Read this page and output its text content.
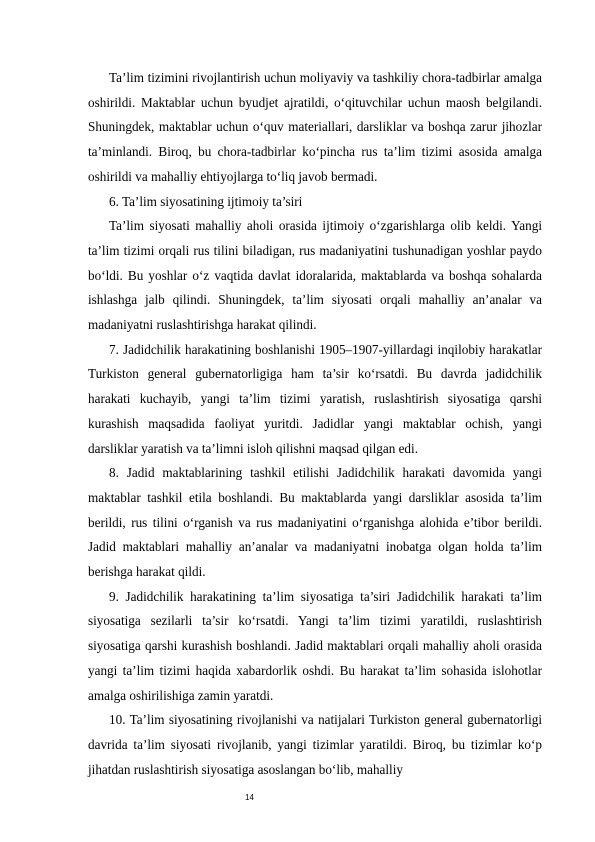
Ta’lim tizimini rivojlantirish uchun moliyaviy va tashkiliy chora-tadbirlar amalga oshirildi. Maktablar uchun byudjet ajratildi, o‘qituvchilar uchun maosh belgilandi. Shuningdek, maktablar uchun o‘quv materiallari, darsliklar va boshqa zarur jihozlar ta’minlandi. Biroq, bu chora-tadbirlar ko‘pincha rus ta’lim tizimi asosida amalga oshirildi va mahalliy ehtiyojlarga to‘liq javob bermadi.

6. Ta’lim siyosatining ijtimoiy ta’siri

Ta’lim siyosati mahalliy aholi orasida ijtimoiy o‘zgarishlarga olib keldi. Yangi ta’lim tizimi orqali rus tilini biladigan, rus madaniyatini tushunadigan yoshlar paydo bo‘ldi. Bu yoshlar o‘z vaqtida davlat idoralarida, maktablarda va boshqa sohalarda ishlashga jalb qilindi. Shuningdek, ta’lim siyosati orqali mahalliy an’analar va madaniyatni ruslashtirishga harakat qilindi.

7. Jadidchilik harakatining boshlanishi 1905–1907-yillardagi inqilobiy harakatlar Turkiston general gubernatorligiga ham ta’sir ko‘rsatdi. Bu davrda jadidchilik harakati kuchayib, yangi ta’lim tizimi yaratish, ruslashtirish siyosatiga qarshi kurashish maqsadida faoliyat yuritdi. Jadidlar yangi maktablar ochish, yangi darsliklar yaratish va ta’limni isloh qilishni maqsad qilgan edi.

8. Jadid maktablarining tashkil etilishi Jadidchilik harakati davomida yangi maktablar tashkil etila boshlandi. Bu maktablarda yangi darsliklar asosida ta’lim berildi, rus tilini o‘rganish va rus madaniyatini o‘rganishga alohida e’tibor berildi. Jadid maktablari mahalliy an’analar va madaniyatni inobatga olgan holda ta’lim berishga harakat qildi.

9. Jadidchilik harakatining ta’lim siyosatiga ta’siri Jadidchilik harakati ta’lim siyosatiga sezilarli ta’sir ko‘rsatdi. Yangi ta’lim tizimi yaratildi, ruslashtirish siyosatiga qarshi kurashish boshlandi. Jadid maktablari orqali mahalliy aholi orasida yangi ta’lim tizimi haqida xabardorlik oshdi. Bu harakat ta’lim sohasida islohotlar amalga oshirilishiga zamin yaratdi.

10. Ta’lim siyosatining rivojlanishi va natijalari Turkiston general gubernatorligi davrida ta’lim siyosati rivojlanib, yangi tizimlar yaratildi. Biroq, bu tizimlar ko‘p jihatdan ruslashtirish siyosatiga asoslangan bo‘lib, mahalliy

14
